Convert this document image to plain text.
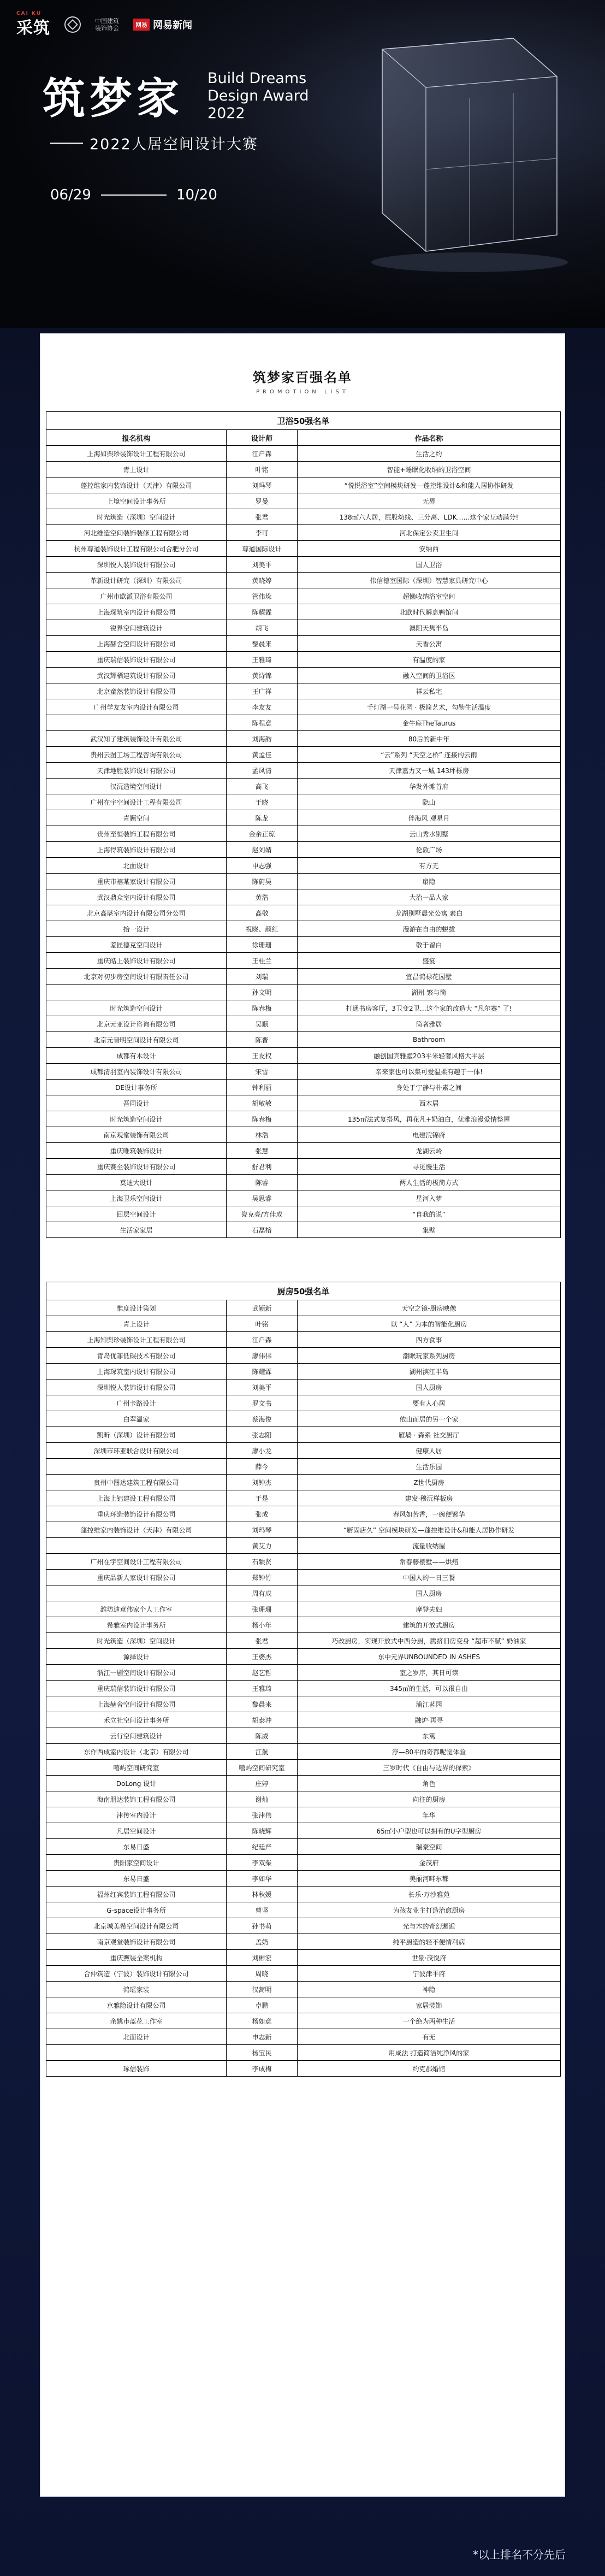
CAI KU
采筑	中国建筑
装饰协会	网易 网易新闻
筑梦家 Build Dreams
Design Award
2022
2022人居空间设计大赛
06/29	10/20
筑梦家百强名单
PROMOTION LIST
卫浴50强名单		
报名机构	设计师	作品名称
上海如舆珍装饰设计工程有限公司	江户森	生活之约
青上设计	叶铭	智能+睡眠化收纳的卫浴空间
蓬控维家内装饰设计（天津）有限公司	刘玛琴	“悦悦浴室”空间模块研发—蓬控维设计&和能人居协作研发
上境空间设计事务所	罗曼	无界
时光筑造（深圳）空间设计	张君	138㎡六人居，屁股幼线、三分离、LDK……这个家互动满分!
河北维造空间装饰装修工程有限公司	李可	河北保定公卖卫生间
杭州尊道装饰设计工程有限公司合肥分公司	尊道国际设计	安纳西
深圳悦人装饰设计有限公司	刘美平	国人卫浴
革新设计研究（深圳）有限公司	黄晓婷	伟信德室国际（深圳）智慧家具研究中心
广州市欧派卫浴有限公司	管伟垛	超懒收纳浴室空间
上海琛筑室内设计有限公司	陈耀霖	北欧时代瞬息鸭馆间
锐界空间建筑设计	胡飞	澳阳天隽半岛
上海赫舍空间设计有限公司	黎晨来	天香公寓
重庆瑞信装饰设计有限公司	王雅琦	有温度的家
武汉辉栖建筑设计有限公司	黄诗锦	融入空间的卫浴区
北京童然装饰设计有限公司	王广祥	祥云私宅
广州学友友室内设计有限公司	李友友	千灯湖一号花园 · 极简艺术，勾勒生活温度
	陈程意	金牛座TheTaurus
武汉知了建筑装饰设计有限公司	刘海韵	80后的新中年
贵州云图工场工程咨询有限公司	黄孟佳	“云”系列 “天空之桥” 连接的云雨
天津地胜装饰设计有限公司	孟凤清	天津嘉力又一城 143坪栎房
汉沅造境空间设计	高飞	华发外滩首府
广州在宇空间设计工程有限公司	于晓	隐山
青顾空间	陈龙	伴海风 观星月
贵州至恒装饰工程有限公司	金余正琼	云山秀水别墅
上海得筑装饰设计有限公司	赵刘婧	伦敦广场
北面设计	申志强	有方无
重庆市禧某家设计有限公司	陈蔚昊	扇隐
武汉鼎众室内设计有限公司	黄浩	大治一品人家
北京高堪室内设计有限公司分公司	高敬	龙湖别墅晨光公寓 素白
拾一设计	祝晓、颜红	漫游在自由的蜕拔
羞匠德克空间设计	徐珊珊	敬于留白
重庆皓上装饰设计有限公司	王桂兰	盛宴
北京对初步房空间设计有限责任公司	刘瑞	宜昌鸿禄花园墅
	孙文明	湖州 繁与简
时光筑造空间设计	陈春梅	打通书房客厅，3卫变2卫…这个家的改造大 “凡尔赛” 了!
北京元亚设计咨询有限公司	吴顺	简奢雅居
北京元晋明空间设计有限公司	陈晋	Bathroom
成都有木设计	王友权	融创国宾雅墅203平米轻奢风格大平层
成都清羽室内装饰设计有限公司	宋雪	亲来家也可以集可爱温柔有趣于一体!
DE设计事务所	钟利丽	身处于宁静与朴素之间
吾同设计	胡敏敏	西木居
时光筑造空间设计	陈春梅	135㎡法式复搭风，再花凡+奶油白，优雅浪漫爱情整屋
南京观堂装饰有限公司	林浩	电建浣锦府
重庆唯筑装饰设计	张慧	龙湖云岭
重庆赛至装饰设计有限公司	舒君利	寻觅慢生活
莫迪大设计	陈睿	两人生活的极简方式
上海卫乐空间设计	吴思睿	星河入梦
回层空间设计	瓷克亮/方佳成	“自我的说”
生活家家居	石磊榕	集壁
厨房50强名单		
惟度设计策划	武颖新	天空之镜-厨房映像
青上设计	叶铭	以 “人” 为本的智能化厨房
上海知舆珍装饰设计工程有限公司	江户森	四方食事
青岛优菲低碳技术有限公司	廖伟伟	潮眠玩家系列厨房
上海琛筑室内设计有限公司	陈耀霖	湖州滨江半岛
深圳悦人装饰设计有限公司	刘美平	国人厨房
广州卡路设计	罗文书	要有人心居
白翠温家	蔡海俊	依山而居的另一个家
凯昕（深圳）设计有限公司	张志阳	雁墙 · 森系 社交厨厅
深圳市环亚联合设计有限公司	廖小龙	健康人居
	薛今	生活乐园
贵州中图达建筑工程有限公司	刘钟杰	Z世代厨房
上海上铝建设工程有限公司	于是	建发·穆沅样板房
重庆环造装饰设计有限公司	张成	春风如苦香，一碗便繁华
蓬控维家内装饰设计（天津）有限公司	刘玛琴	“厨固店久” 空间模块研发—蓬控维设计&和能人居协作研发
	黄艾力	流量收纳屋
广州在宇空间设计工程有限公司	石颖贤	常春藤樱墅——烘焙
重庆品新人家设计有限公司	郑钟竹	中国人的一日三餐
	周有成	国人厨房
潍坊迪意伟家个人工作室	张珊珊	摩登夫妇
希雅室内设计事务所	杨小年	建筑的开放式厨房
时光筑造（深圳）空间设计	张君	巧改厨房，实现开放式中西分厨，腾挤旧房变身 “超市不腻” 奶油家
源择设计	王婆杰	东中元界UNBOUNDED IN ASHES
浙江一剧空间设计有限公司	赵艺哲	室之岁序，其日可读
重庆瑞信装饰设计有限公司	王雅琦	345㎡的生活，可以很自由
上海赫舍空间设计有限公司	黎晨来	浦江茗园
禾立社空间设计事务所	胡泰冲	融炉·再寻
云行空间建筑设计	陈威	东篱
东作西成室内设计（北京）有限公司	江航	浮—80平的奇都呢觉体验
嘻屿空间研究室	嘻屿空间研究室	三岁时代《自由与边界的探索》
DoLong 设计	庄婷	角色
海南朋达装饰工程有限公司	谢灿	向往的厨房
津传室内设计	张津伟	年华
凡居空间设计	陈晓辉	65㎡小户型也可以拥有的U字型厨房
东易日盛	纪廷严	瑞豪空间
贵阳家空间设计	李双柴	金茂府
东易日盛	李如华	美丽河畔东都
福州红宾装饰工程有限公司	林秋媛	长乐·万沙雅苑
G-space设计事务所	曹坚	为孩友业主打造治愈厨房
北京城美希空间设计有限公司	孙书萌	光与木的奇幻邂逅
南京观堂装饰设计有限公司	孟奶	纯平厨造的轻不便情利病
重庆煦装全案机构	刘彬宏	世景·茂悦府
合仲筑造（宁波）装饰设计有限公司	周晓	宁波津平府
鸿瑶家装	汉蒿明	神隐
京雅隐设计有限公司	卓鹏	家居装饰
余姚市蓝花工作室	杨如意	一个绝为两种生活
北面设计	申志新	有无
	杨宝民	用咸法 打造简洁纯净风的家
琢信装饰	李成梅	约克郡婚馆
*以上排名不分先后
